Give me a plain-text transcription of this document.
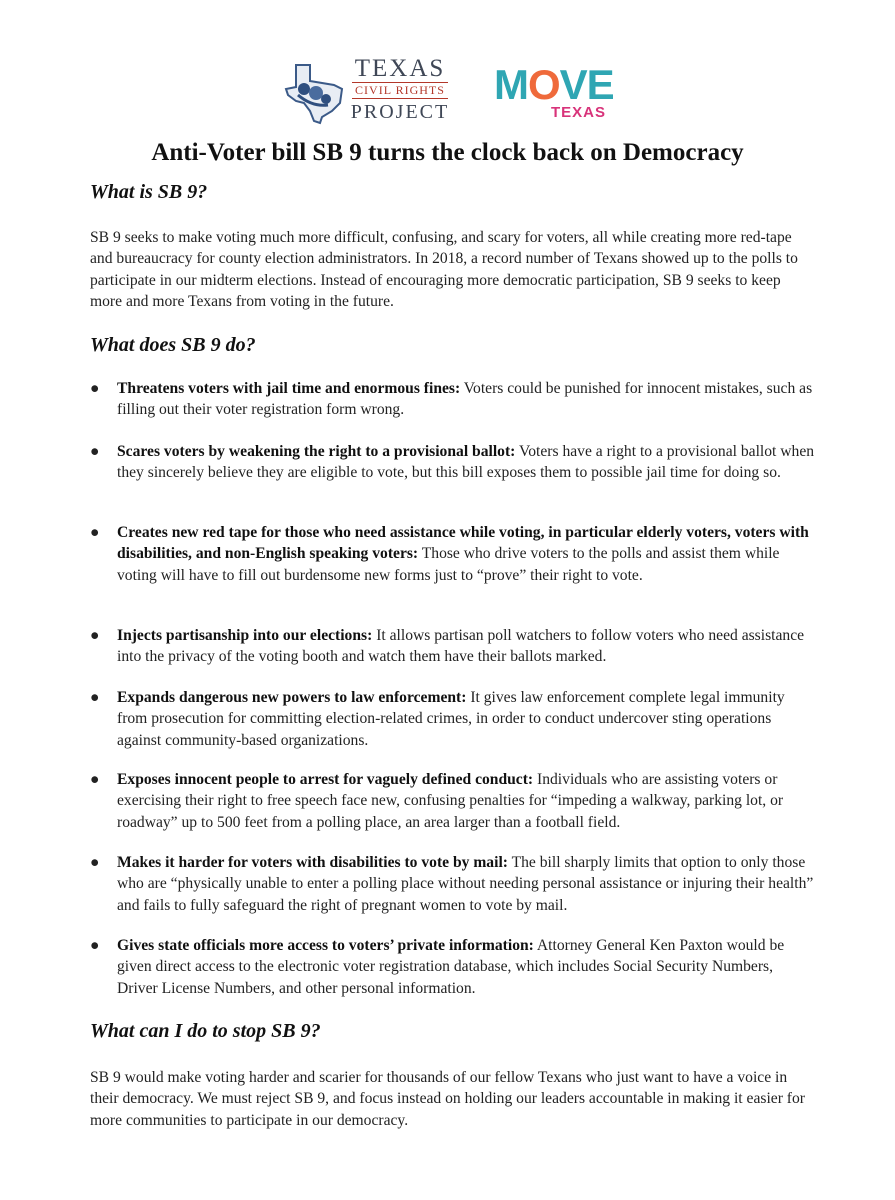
TEXAS
CIVIL RIGHTS
PROJECT
MOVE
TEXAS
Anti-Voter bill SB 9 turns the clock back on Democracy
What is SB 9?

SB 9 seeks to make voting much more difficult, confusing, and scary for voters, all while creating more red-tape and bureaucracy for county election administrators. In 2018, a record number of Texans showed up to the polls to participate in our midterm elections. Instead of encouraging more democratic participation, SB 9 seeks to keep more and more Texans from voting in the future.

What does SB 9 do?
●	Threatens voters with jail time and enormous fines: Voters could be punished for innocent mistakes, such as filling out their voter registration form wrong.
●	Scares voters by weakening the right to a provisional ballot: Voters have a right to a provisional ballot when they sincerely believe they are eligible to vote, but this bill exposes them to possible jail time for doing so.
●	Creates new red tape for those who need assistance while voting, in particular elderly voters, voters with disabilities, and non-English speaking voters: Those who drive voters to the polls and assist them while voting will have to fill out burdensome new forms just to “prove” their right to vote.
●	Injects partisanship into our elections: It allows partisan poll watchers to follow voters who need assistance into the privacy of the voting booth and watch them have their ballots marked.
●	Expands dangerous new powers to law enforcement: It gives law enforcement complete legal immunity from prosecution for committing election-related crimes, in order to conduct undercover sting operations against community-based organizations.
●	Exposes innocent people to arrest for vaguely defined conduct: Individuals who are assisting voters or exercising their right to free speech face new, confusing penalties for “impeding a walkway, parking lot, or roadway” up to 500 feet from a polling place, an area larger than a football field.
●	Makes it harder for voters with disabilities to vote by mail: The bill sharply limits that option to only those who are “physically unable to enter a polling place without needing personal assistance or injuring their health” and fails to fully safeguard the right of pregnant women to vote by mail.
●	Gives state officials more access to voters’ private information: Attorney General Ken Paxton would be given direct access to the electronic voter registration database, which includes Social Security Numbers, Driver License Numbers, and other personal information.
What can I do to stop SB 9?

SB 9 would make voting harder and scarier for thousands of our fellow Texans who just want to have a voice in their democracy. We must reject SB 9, and focus instead on holding our leaders accountable in making it easier for more communities to participate in our democracy.
